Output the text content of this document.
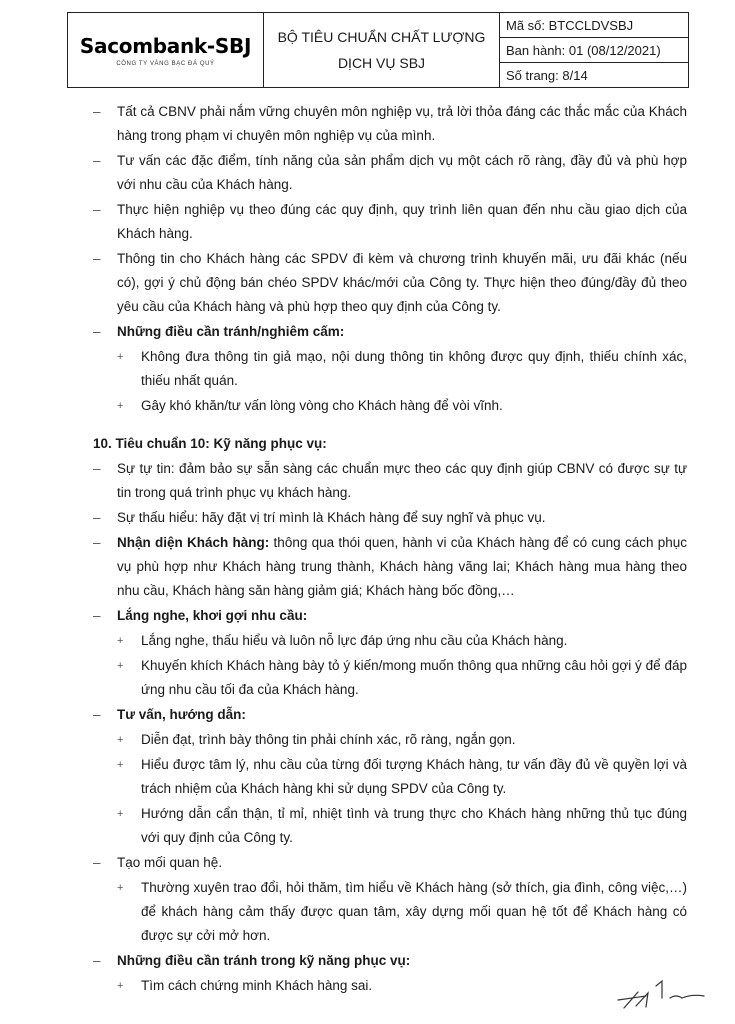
Sacombank-SBJ
CÔNG TY VÀNG BẠC ĐÁ QUÝ
BỘ TIÊU CHUẨN CHẤT LƯỢNG
DỊCH VỤ SBJ
Mã số: BTCCLDVSBJ
Ban hành: 01 (08/12/2021)
Số trang: 8/14
– Tất cả CBNV phải nắm vững chuyên môn nghiệp vụ, trả lời thỏa đáng các thắc mắc của Khách hàng trong phạm vi chuyên môn nghiệp vụ của mình.
– Tư vấn các đặc điểm, tính năng của sản phẩm dịch vụ một cách rõ ràng, đầy đủ và phù hợp với nhu cầu của Khách hàng.
– Thực hiện nghiệp vụ theo đúng các quy định, quy trình liên quan đến nhu cầu giao dịch của Khách hàng.
– Thông tin cho Khách hàng các SPDV đi kèm và chương trình khuyến mãi, ưu đãi khác (nếu có), gợi ý chủ động bán chéo SPDV khác/mới của Công ty. Thực hiện theo đúng/đầy đủ theo yêu cầu của Khách hàng và phù hợp theo quy định của Công ty.
– Những điều cần tránh/nghiêm cấm:
+ Không đưa thông tin giả mạo, nội dung thông tin không được quy định, thiếu chính xác, thiếu nhất quán.
+ Gây khó khăn/tư vấn lòng vòng cho Khách hàng để vòi vĩnh.
10. Tiêu chuẩn 10: Kỹ năng phục vụ:
– Sự tự tin: đảm bảo sự sẵn sàng các chuẩn mực theo các quy định giúp CBNV có được sự tự tin trong quá trình phục vụ khách hàng.
– Sự thấu hiểu: hãy đặt vị trí mình là Khách hàng để suy nghĩ và phục vụ.
– Nhận diện Khách hàng: thông qua thói quen, hành vi của Khách hàng để có cung cách phục vụ phù hợp như Khách hàng trung thành, Khách hàng vãng lai; Khách hàng mua hàng theo nhu cầu, Khách hàng săn hàng giảm giá; Khách hàng bốc đồng,…
– Lắng nghe, khơi gợi nhu cầu:
+ Lắng nghe, thấu hiểu và luôn nỗ lực đáp ứng nhu cầu của Khách hàng.
+ Khuyến khích Khách hàng bày tỏ ý kiến/mong muốn thông qua những câu hỏi gợi ý để đáp ứng nhu cầu tối đa của Khách hàng.
– Tư vấn, hướng dẫn:
+ Diễn đạt, trình bày thông tin phải chính xác, rõ ràng, ngắn gọn.
+ Hiểu được tâm lý, nhu cầu của từng đối tượng Khách hàng, tư vấn đầy đủ về quyền lợi và trách nhiệm của Khách hàng khi sử dụng SPDV của Công ty.
+ Hướng dẫn cẩn thận, tỉ mỉ, nhiệt tình và trung thực cho Khách hàng những thủ tục đúng với quy định của Công ty.
– Tạo mối quan hệ.
+ Thường xuyên trao đổi, hỏi thăm, tìm hiểu về Khách hàng (sở thích, gia đình, công việc,…) để khách hàng cảm thấy được quan tâm, xây dựng mối quan hệ tốt để Khách hàng có được sự cởi mở hơn.
– Những điều cần tránh trong kỹ năng phục vụ:
+ Tìm cách chứng minh Khách hàng sai.
